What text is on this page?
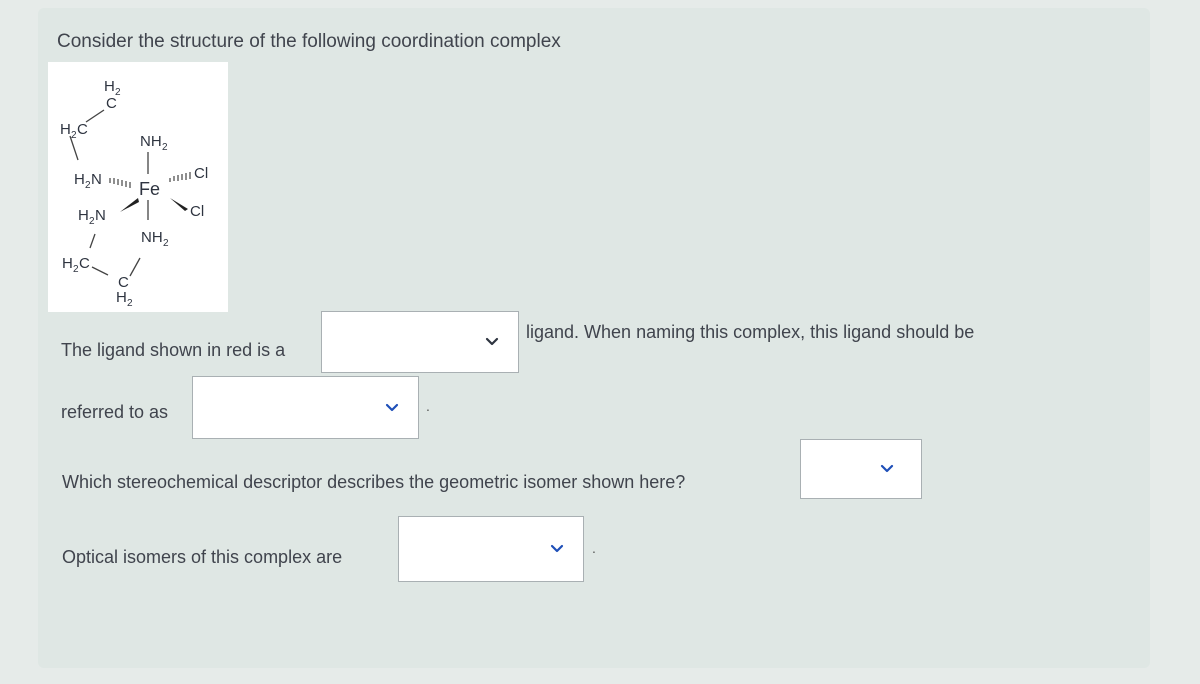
Consider the structure of the following coordination complex
H 2
C
H 2 C
NH 2
H 2 N Fe
Cl
Cl
H 2 N
NH 2
H 2 C
C
H 2
The ligand shown in red is a
ligand. When naming this complex, this ligand should be
referred to as	.
Which stereochemical descriptor describes the geometric isomer shown here?
Optical isomers of this complex are	.
